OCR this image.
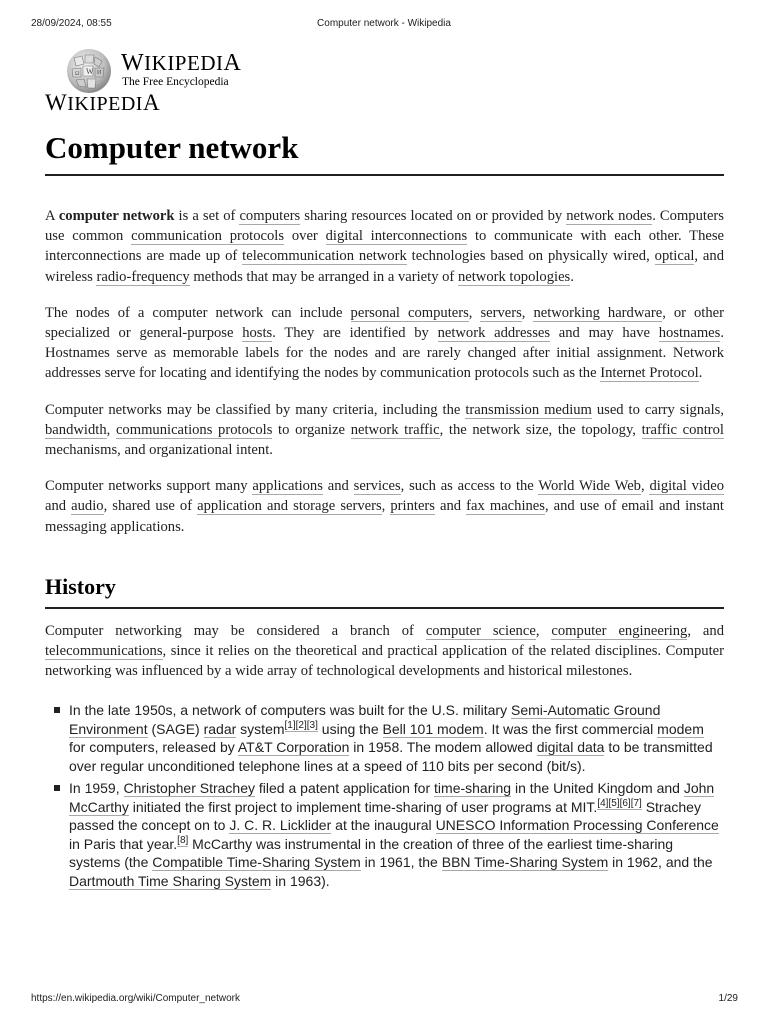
28/09/2024, 08:55	Computer network - Wikipedia
W
Ω	И WIKIPEDIA
The Free Encyclopedia
WIKIPEDIA
Computer network

A computer network is a set of computers sharing resources located on or provided by network nodes. Computers use common communication protocols over digital interconnections to communicate with each other. These interconnections are made up of telecommunication network technologies based on physically wired, optical, and wireless radio-frequency methods that may be arranged in a variety of network topologies.

The nodes of a computer network can include personal computers, servers, networking hardware, or other specialized or general-purpose hosts. They are identified by network addresses and may have hostnames. Hostnames serve as memorable labels for the nodes and are rarely changed after initial assignment. Network addresses serve for locating and identifying the nodes by communication protocols such as the Internet Protocol.

Computer networks may be classified by many criteria, including the transmission medium used to carry signals, bandwidth, communications protocols to organize network traffic, the network size, the topology, traffic control mechanisms, and organizational intent.

Computer networks support many applications and services, such as access to the World Wide Web, digital video and audio, shared use of application and storage servers, printers and fax machines, and use of email and instant messaging applications.

History

Computer networking may be considered a branch of computer science, computer engineering, and telecommunications, since it relies on the theoretical and practical application of the related disciplines. Computer networking was influenced by a wide array of technological developments and historical milestones.

In the late 1950s, a network of computers was built for the U.S. military Semi-Automatic Ground Environment (SAGE) radar system[1][2][3] using the Bell 101 modem. It was the first commercial modem for computers, released by AT&T Corporation in 1958. The modem allowed digital data to be transmitted over regular unconditioned telephone lines at a speed of 110 bits per second (bit/s).
In 1959, Christopher Strachey filed a patent application for time-sharing in the United Kingdom and John McCarthy initiated the first project to implement time-sharing of user programs at MIT.[4][5][6][7] Strachey passed the concept on to J. C. R. Licklider at the inaugural UNESCO Information Processing Conference in Paris that year.[8] McCarthy was instrumental in the creation of three of the earliest time-sharing systems (the Compatible Time-Sharing System in 1961, the BBN Time-Sharing System in 1962, and the Dartmouth Time Sharing System in 1963).
https://en.wikipedia.org/wiki/Computer_network	1/29
